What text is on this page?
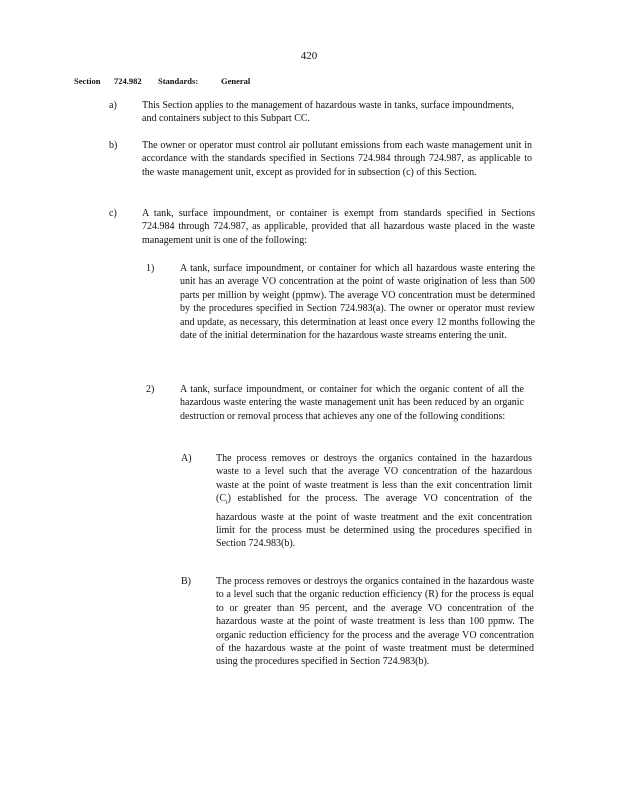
420
Section 724.982 Standards:	General
a)	This Section applies to the management of hazardous waste in tanks, surface impoundments, and containers subject to this Subpart CC.
b) The owner or operator must control air pollutant emissions from each waste management unit in accordance with the standards specified in Sections 724.984 through 724.987, as applicable to the waste management unit, except as provided for in subsection (c) of this Section.
c)	A tank, surface impoundment, or container is exempt from standards specified in Sections 724.984 through 724.987, as applicable, provided that all hazardous waste placed in the waste management unit is one of the following:
1)	A tank, surface impoundment, or container for which all hazardous waste entering the unit has an average VO concentration at the point of waste origination of less than 500 parts per million by weight (ppmw). The average VO concentration must be determined by the procedures specified in Section 724.983(a). The owner or operator must review and update, as necessary, this determination at least once every 12 months following the date of the initial determination for the hazardous waste streams entering the unit.
2)	A tank, surface impoundment, or container for which the organic content of all the hazardous waste entering the waste management unit has been reduced by an organic destruction or removal process that achieves any one of the following conditions:
A) The process removes or destroys the organics contained in the hazardous waste to a level such that the average VO concentration of the hazardous waste at the point of waste treatment is less than the exit concentration limit $(C_t)$ established for the process. The average VO concentration of the hazardous waste at the point of waste treatment and the exit concentration limit for the process must be determined using the procedures specified in Section 724.983(b).
B)	The process removes or destroys the organics contained in the hazardous waste to a level such that the organic reduction efficiency (R) for the process is equal to or greater than 95 percent, and the average VO concentration of the hazardous waste at the point of waste treatment is less than 100 ppmw. The organic reduction efficiency for the process and the average VO concentration of the hazardous waste at the point of waste treatment must be determined using the procedures specified in Section 724.983(b).
